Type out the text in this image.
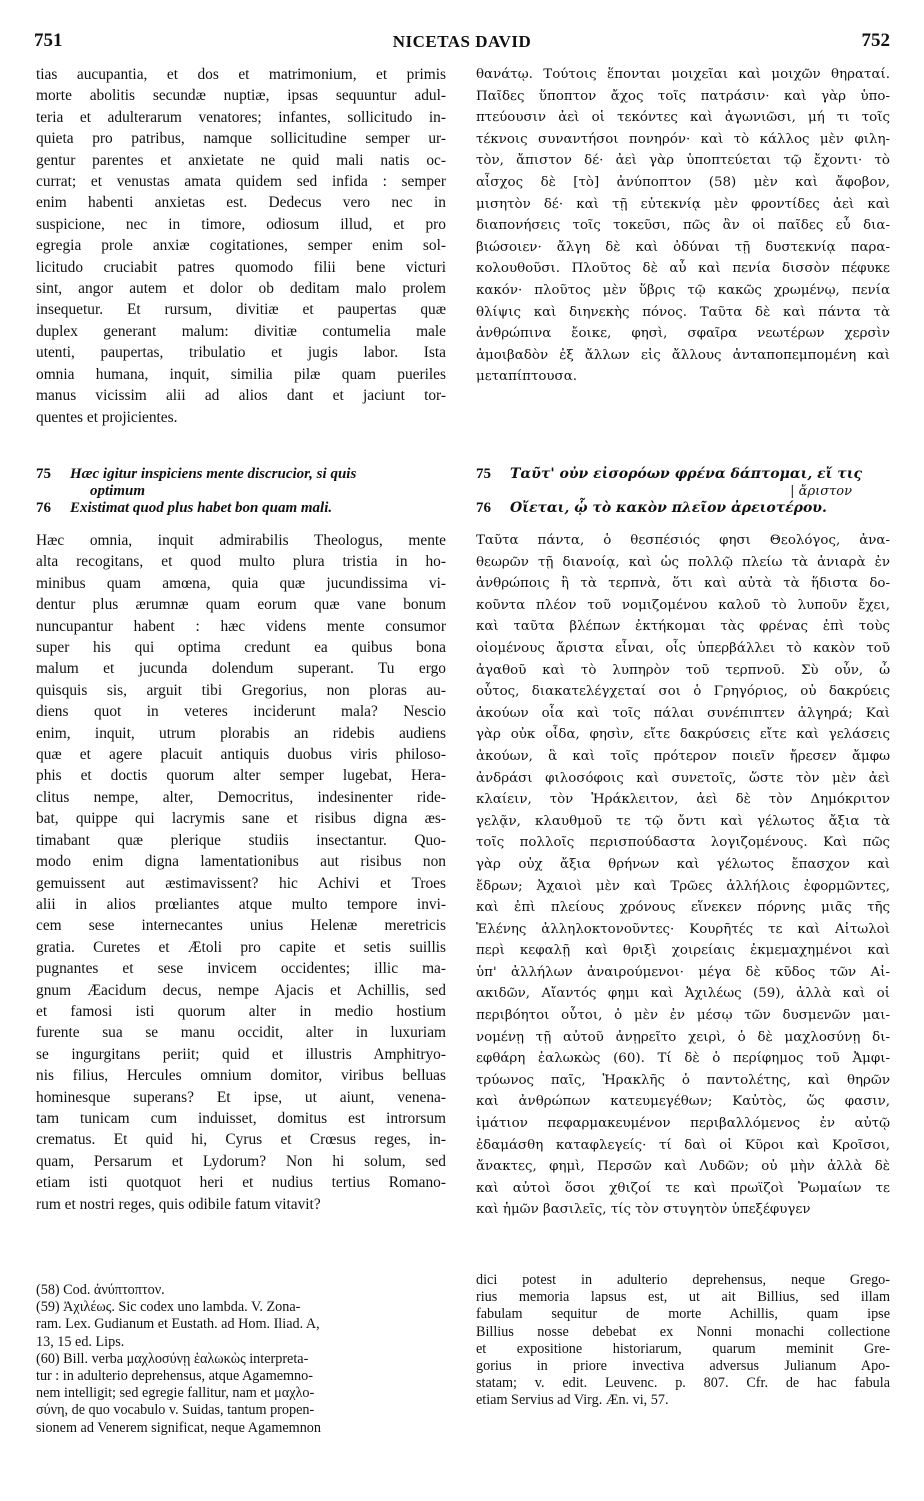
751	NICETAS DAVID	752
tias aucupantia, et dos et matrimonium, et primis
morte abolitis secundæ nuptiæ, ipsas sequuntur adul-
teria et adulterarum venatores; infantes, sollicitudo in-
quieta pro patribus, namque sollicitudine semper ur-
gentur parentes et anxietate ne quid mali natis oc-
currat; et venustas amata quidem sed infida : semper
enim habenti anxietas est. Dedecus vero nec in
suspicione, nec in timore, odiosum illud, et pro
egregia prole anxiæ cogitationes, semper enim sol-
licitudo cruciabit patres quomodo filii bene victuri
sint, angor autem et dolor ob deditam malo prolem
insequetur. Et rursum, divitiæ et paupertas quæ
duplex generant malum: divitiæ contumelia male
utenti, paupertas, tribulatio et jugis labor. Ista
omnia humana, inquit, similia pilæ quam pueriles
manus vicissim alii ad alios dant et jaciunt tor-
quentes et projicientes.
θανάτῳ. Τούτοις ἕπονται μοιχεῖαι καὶ μοιχῶν θηραταί.
Παῖδες ὕποπτον ἄχος τοῖς πατράσιν· καὶ γὰρ ὑπο-
πτεύουσιν ἀεὶ οἱ τεκόντες καὶ ἀγωνιῶσι, μή τι τοῖς
τέκνοις συναντήσοι πονηρόν· καὶ τὸ κάλλος μὲν φιλη-
τὸν, ἄπιστον δέ· ἀεὶ γὰρ ὑποπτεύεται τῷ ἔχοντι· τὸ
αἶσχος δὲ [τὸ] ἀνύποπτον (58) μὲν καὶ ἄφοβον,
μισητὸν δέ· καὶ τῇ εὐτεκνίᾳ μὲν φροντίδες ἀεὶ καὶ
διαπονήσεις τοῖς τοκεῦσι, πῶς ἂν οἱ παῖδες εὖ δια-
βιώσοιεν· ἄλγη δὲ καὶ ὀδύναι τῇ δυστεκνίᾳ παρα-
κολουθοῦσι. Πλοῦτος δὲ αὖ καὶ πενία δισσὸν πέφυκε
κακόν· πλοῦτος μὲν ὕβρις τῷ κακῶς χρωμένῳ, πενία
θλίψις καὶ διηνεκὴς πόνος. Ταῦτα δὲ καὶ πάντα τὰ
ἀνθρώπινα ἔοικε, φησὶ, σφαῖρα νεωτέρων χερσὶν
ἀμοιβαδὸν ἐξ ἄλλων εἰς ἄλλους ἀνταποπεμπομένη καὶ
μεταπίπτουσα.
75 Hæc igitur inspiciens mente discrucior, si quis
optimum
76 Existimat quod plus habet bon quam mali.
75 Ταῦτ' οὖν εἰσορόων φρένα δάπτομαι, εἴ τις
| ἄριστον
76 Οἴεται, ᾧ τὸ κακὸν πλεῖον ἀρειοτέρου.
Hæc omnia, inquit admirabilis Theologus, mente
alta recogitans, et quod multo plura tristia in ho-
minibus quam amœna, quia quæ jucundissima vi-
dentur plus ærumnæ quam eorum quæ vane bonum
nuncupantur habent : hæc videns mente consumor
super his qui optima credunt ea quibus bona
malum et jucunda dolendum superant. Tu ergo
quisquis sis, arguit tibi Gregorius, non ploras au-
diens quot in veteres inciderunt mala? Nescio
enim, inquit, utrum plorabis an ridebis audiens
quæ et agere placuit antiquis duobus viris philoso-
phis et doctis quorum alter semper lugebat, Hera-
clitus nempe, alter, Democritus, indesinenter ride-
bat, quippe qui lacrymis sane et risibus digna æs-
timabant quæ plerique studiis insectantur. Quo-
modo enim digna lamentationibus aut risibus non
gemuissent aut æstimavissent? hic Achivi et Troes
alii in alios prœliantes atque multo tempore invi-
cem sese internecantes unius Helenæ meretricis
gratia. Curetes et Ætoli pro capite et setis suillis
pugnantes et sese invicem occidentes; illic ma-
gnum Æacidum decus, nempe Ajacis et Achillis, sed
et famosi isti quorum alter in medio hostium
furente sua se manu occidit, alter in luxuriam
se ingurgitans periit; quid et illustris Amphitryo-
nis filius, Hercules omnium domitor, viribus belluas
hominesque superans? Et ipse, ut aiunt, venena-
tam tunicam cum induisset, domitus est introrsum
crematus. Et quid hi, Cyrus et Crœsus reges, in-
quam, Persarum et Lydorum? Non hi solum, sed
etiam isti quotquot heri et nudius tertius Romano-
rum et nostri reges, quis odibile fatum vitavit?
Ταῦτα πάντα, ὁ θεσπέσιός φησι Θεολόγος, ἀνα-
θεωρῶν τῇ διανοίᾳ, καὶ ὡς πολλῷ πλείω τὰ ἀνιαρὰ ἐν
ἀνθρώποις ἢ τὰ τερπνὰ, ὅτι καὶ αὐτὰ τὰ ἥδιστα δο-
κοῦντα πλέον τοῦ νομιζομένου καλοῦ τὸ λυποῦν ἔχει,
καὶ ταῦτα βλέπων ἐκτήκομαι τὰς φρένας ἐπὶ τοὺς
οἰομένους ἄριστα εἶναι, οἷς ὑπερβάλλει τὸ κακὸν τοῦ
ἀγαθοῦ καὶ τὸ λυπηρὸν τοῦ τερπνοῦ. Σὺ οὖν, ὦ
οὗτος, διακατελέγχεταί σοι ὁ Γρηγόριος, οὐ δακρύεις
ἀκούων οἷα καὶ τοῖς πάλαι συνέπιπτεν ἀλγηρά; Καὶ
γὰρ οὐκ οἶδα, φησὶν, εἴτε δακρύσεις εἴτε καὶ γελάσεις
ἀκούων, ἃ καὶ τοῖς πρότερον ποιεῖν ἤρεσεν ἄμφω
ἀνδράσι φιλοσόφοις καὶ συνετοῖς, ὥστε τὸν μὲν ἀεὶ
κλαίειν, τὸν Ἡράκλειτον, ἀεὶ δὲ τὸν Δημόκριτον
γελᾷν, κλαυθμοῦ τε τῷ ὄντι καὶ γέλωτος ἄξια τὰ
τοῖς πολλοῖς περισπούδαστα λογιζομένους. Καὶ πῶς
γὰρ οὐχ ἄξια θρήνων καὶ γέλωτος ἔπασχον καὶ
ἔδρων; Ἀχαιοὶ μὲν καὶ Τρῶες ἀλλήλοις ἐφορμῶντες,
καὶ ἐπὶ πλείους χρόνους εἵνεκεν πόρνης μιᾶς τῆς
Ἑλένης ἀλληλοκτονοῦντες· Κουρῆτές τε καὶ Αἰτωλοὶ
περὶ κεφαλῇ καὶ θριξὶ χοιρείαις ἐκμεμαχημένοι καὶ
ὑπ' ἀλλήλων ἀναιρούμενοι· μέγα δὲ κῦδος τῶν Αἰ-
ακιδῶν, Αἴαντός φημι καὶ Ἀχιλέως (59), ἀλλὰ καὶ οἱ
περιβόητοι οὗτοι, ὁ μὲν ἐν μέσῳ τῶν δυσμενῶν μαι-
νομένῃ τῇ αὐτοῦ ἀνῃρεῖτο χειρὶ, ὁ δὲ μαχλοσύνῃ δι-
εφθάρη ἑαλωκὼς (60). Τί δὲ ὁ περίφημος τοῦ Ἀμφι-
τρύωνος παῖς, Ἡρακλῆς ὁ παντολέτης, καὶ θηρῶν
καὶ ἀνθρώπων κατευμεγέθων; Καὐτὸς, ὥς φασιν,
ἱμάτιον πεφαρμακευμένον περιβαλλόμενος ἐν αὐτῷ
ἐδαμάσθη καταφλεγείς· τί δαὶ οἱ Κῦροι καὶ Κροῖσοι,
ἄνακτες, φημὶ, Περσῶν καὶ Λυδῶν; οὐ μὴν ἀλλὰ δὲ
καὶ αὐτοὶ ὅσοι χθιζοί τε καὶ πρωϊζοὶ Ῥωμαίων τε
καὶ ἡμῶν βασιλεῖς, τίς τὸν στυγητὸν ὑπεξέφυγεν
(58) Cod. ἀνύπτοπτον.
(59) Ἀχιλέως. Sic codex uno lambda. V. Zona-
ram. Lex. Gudianum et Eustath. ad Hom. Iliad. A,
13, 15 ed. Lips.
(60) Bill. verba μαχλοσύνῃ ἑαλωκὼς interpreta-
tur : in adulterio deprehensus, atque Agamemno-
nem intelligit; sed egregie fallitur, nam et μαχλο-
σύνη, de quo vocabulo v. Suidas, tantum propen-
sionem ad Venerem significat, neque Agamemnon
dici potest in adulterio deprehensus, neque Grego-
rius memoria lapsus est, ut ait Billius, sed illam
fabulam sequitur de morte Achillis, quam ipse
Billius nosse debebat ex Nonni monachi collectione
et expositione historiarum, quarum meminit Gre-
gorius in priore invectiva adversus Julianum Apo-
statam; v. edit. Leuvenc. p. 807. Cfr. de hac fabula
etiam Servius ad Virg. Æn. vi, 57.
